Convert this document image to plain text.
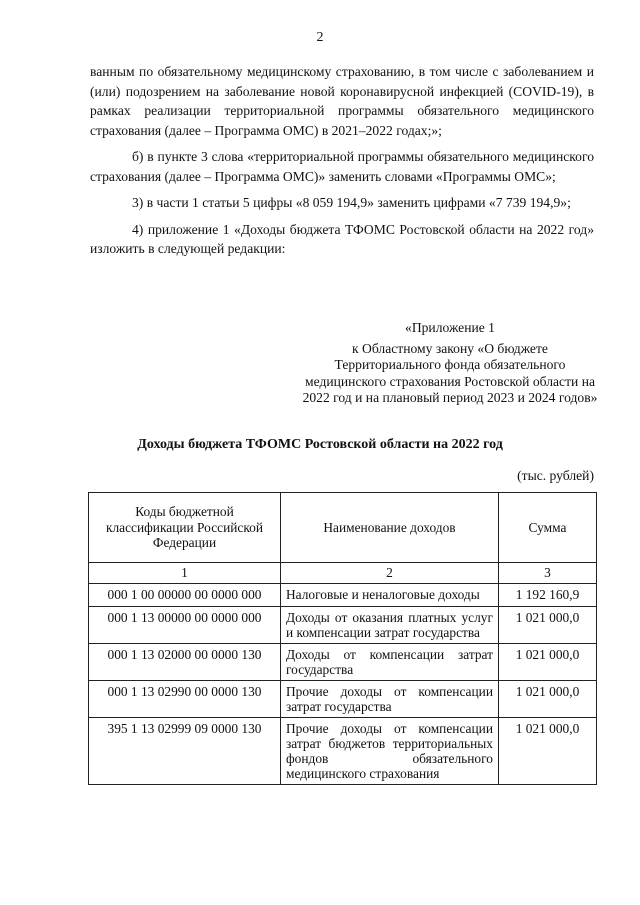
2

ванным по обязательному медицинскому страхованию, в том числе с заболеванием и (или) подозрением на заболевание новой коронавирусной инфекцией (COVID-19), в рамках реализации территориальной программы обязательного медицинского страхования (далее – Программа ОМС) в 2021–2022 годах;»;

б) в пункте 3 слова «территориальной программы обязательного медицинского страхования (далее – Программа ОМС)» заменить словами «Программы ОМС»;

3) в части 1 статьи 5 цифры «8 059 194,9» заменить цифрами «7 739 194,9»;

4) приложение 1 «Доходы бюджета ТФОМС Ростовской области на 2022 год» изложить в следующей редакции:

«Приложение 1
к Областному закону «О бюджете Территориального фонда обязательного медицинского страхования Ростовской области на 2022 год и на плановый период 2023 и 2024 годов»
Доходы бюджета ТФОМС Ростовской области на 2022 год
(тыс. рублей)
Коды бюджетной классификации Российской Федерации	Наименование доходов	Сумма
1	2	3
000 1 00 00000 00 0000 000	Налоговые и неналоговые доходы	1 192 160,9
000 1 13 00000 00 0000 000	Доходы от оказания платных услуг и компенсации затрат государства	1 021 000,0
000 1 13 02000 00 0000 130	Доходы от компенсации затрат государства	1 021 000,0
000 1 13 02990 00 0000 130	Прочие доходы от компенсации затрат государства	1 021 000,0
395 1 13 02999 09 0000 130	Прочие доходы от компенсации затрат бюджетов территориальных фондов обязательного медицинского страхования	1 021 000,0
